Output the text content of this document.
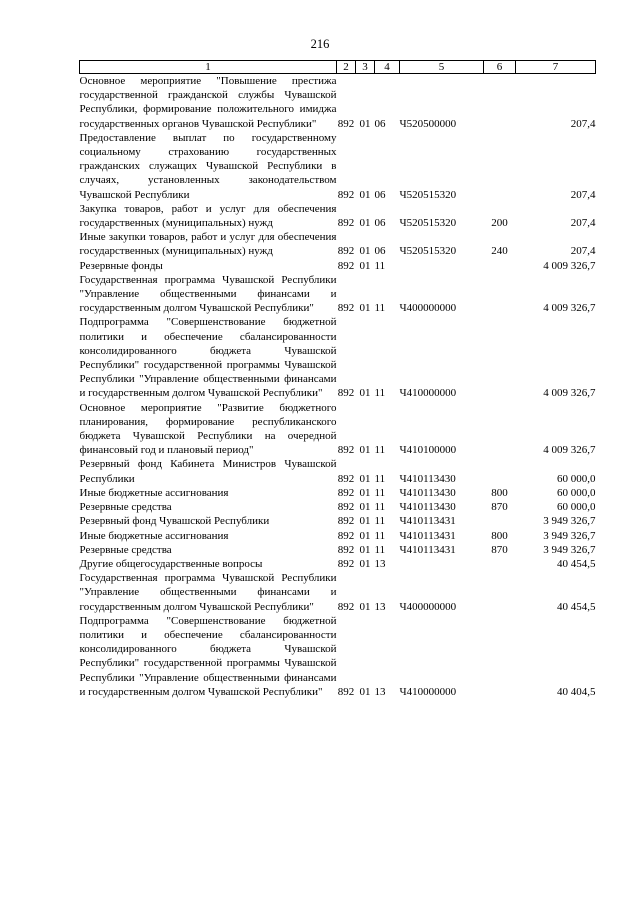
216
1	2	3	4	5	6	7
Основное мероприятие "Повышение престижа государственной гражданской службы Чувашской Республики, формирование положительного имиджа государственных органов Чувашской Республики"	892	01	06	Ч520500000		207,4
Предоставление выплат по государственному социальному страхованию государственных гражданских служащих Чувашской Республики в случаях, установленных законодательством Чувашской Республики	892	01	06	Ч520515320		207,4
Закупка товаров, работ и услуг для обеспечения государственных (муниципальных) нужд	892	01	06	Ч520515320	200	207,4
Иные закупки товаров, работ и услуг для обеспечения государственных (муниципальных) нужд	892	01	06	Ч520515320	240	207,4
Резервные фонды	892	01	11			4 009 326,7
Государственная программа Чувашской Республики "Управление общественными финансами и государственным долгом Чувашской Республики"	892	01	11	Ч400000000		4 009 326,7
Подпрограмма "Совершенствование бюджетной политики и обеспечение сбалансированности консолидированного бюджета Чувашской Республики" государственной программы Чувашской Республики "Управление общественными финансами и государственным долгом Чувашской Республики"	892	01	11	Ч410000000		4 009 326,7
Основное мероприятие "Развитие бюджетного планирования, формирование республиканского бюджета Чувашской Республики на очередной финансовый год и плановый период"	892	01	11	Ч410100000		4 009 326,7
Резервный фонд Кабинета Министров Чувашской Республики	892	01	11	Ч410113430		60 000,0
Иные бюджетные ассигнования	892	01	11	Ч410113430	800	60 000,0
Резервные средства	892	01	11	Ч410113430	870	60 000,0
Резервный фонд Чувашской Республики	892	01	11	Ч410113431		3 949 326,7
Иные бюджетные ассигнования	892	01	11	Ч410113431	800	3 949 326,7
Резервные средства	892	01	11	Ч410113431	870	3 949 326,7
Другие общегосударственные вопросы	892	01	13			40 454,5
Государственная программа Чувашской Республики "Управление общественными финансами и государственным долгом Чувашской Республики"	892	01	13	Ч400000000		40 454,5
Подпрограмма "Совершенствование бюджетной политики и обеспечение сбалансированности консолидированного бюджета Чувашской Республики" государственной программы Чувашской Республики "Управление общественными финансами и государственным долгом Чувашской Республики"	892	01	13	Ч410000000		40 404,5
